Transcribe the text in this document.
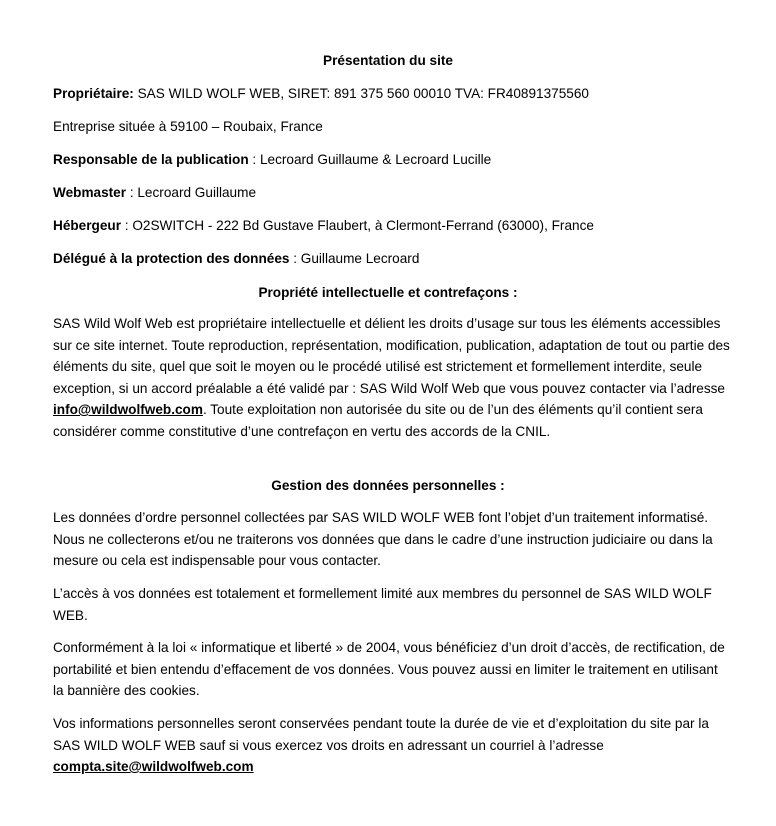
Présentation du site

Propriétaire: SAS WILD WOLF WEB, SIRET: 891 375 560 00010 TVA: FR40891375560

Entreprise située à 59100 – Roubaix, France

Responsable de la publication : Lecroard Guillaume & Lecroard Lucille

Webmaster : Lecroard Guillaume

Hébergeur : O2SWITCH - 222 Bd Gustave Flaubert, à Clermont-Ferrand (63000), France

Délégué à la protection des données : Guillaume Lecroard

Propriété intellectuelle et contrefaçons :

SAS Wild Wolf Web est propriétaire intellectuelle et délient les droits d’usage sur tous les éléments accessibles sur ce site internet. Toute reproduction, représentation, modification, publication, adaptation de tout ou partie des éléments du site, quel que soit le moyen ou le procédé utilisé est strictement et formellement interdite, seule exception, si un accord préalable a été validé par : SAS Wild Wolf Web que vous pouvez contacter via l’adresse info@wildwolfweb.com. Toute exploitation non autorisée du site ou de l’un des éléments qu’il contient sera considérer comme constitutive d’une contrefaçon en vertu des accords de la CNIL.

Gestion des données personnelles :

Les données d’ordre personnel collectées par SAS WILD WOLF WEB font l’objet d’un traitement informatisé. Nous ne collecterons et/ou ne traiterons vos données que dans le cadre d’une instruction judiciaire ou dans la mesure ou cela est indispensable pour vous contacter.

L’accès à vos données est totalement et formellement limité aux membres du personnel de SAS WILD WOLF WEB.

Conformément à la loi « informatique et liberté » de 2004, vous bénéficiez d’un droit d’accès, de rectification, de portabilité et bien entendu d’effacement de vos données. Vous pouvez aussi en limiter le traitement en utilisant la bannière des cookies.

Vos informations personnelles seront conservées pendant toute la durée de vie et d’exploitation du site par la SAS WILD WOLF WEB sauf si vous exercez vos droits en adressant un courriel à l’adresse compta.site@wildwolfweb.com
